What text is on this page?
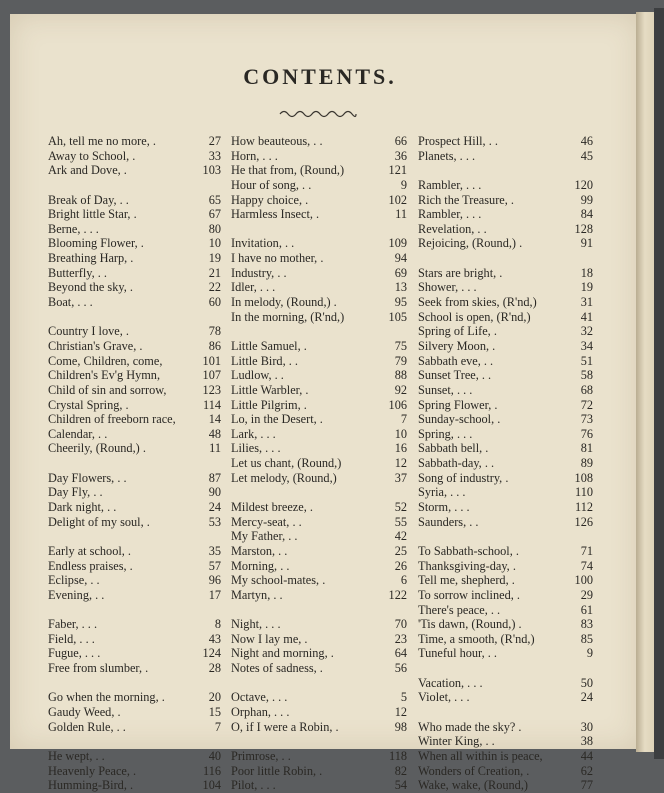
CONTENTS.
Ah, tell me no more, .	27
Away to School, .	33
Ark and Dove, .	103
Break of Day, . .	65
Bright little Star, .	67
Berne, . . .	80
Blooming Flower, .	10
Breathing Harp, .	19
Butterfly, . .	21
Beyond the sky, .	22
Boat, . . .	60
Country I love, .	78
Christian's Grave, .	86
Come, Children, come,	101
Children's Ev'g Hymn,	107
Child of sin and sorrow,	123
Crystal Spring, .	114
Children of freeborn race,	14
Calendar, . .	48
Cheerily, (Round,) .	11
Day Flowers, . .	87
Day Fly, . .	90
Dark night, . .	24
Delight of my soul, .	53
Early at school, .	35
Endless praises, .	57
Eclipse, . .	96
Evening, . .	17
Faber, . . .	8
Field, . . .	43
Fugue, . . .	124
Free from slumber, .	28
Go when the morning, .	20
Gaudy Weed, .	15
Golden Rule, . .	7
He wept, . .	40
Heavenly Peace, .	116
Humming-Bird, .	104
How beauteous, . .	66
Horn, . . .	36
He that from, (Round,)	121
Hour of song, . .	9
Happy choice, .	102
Harmless Insect, .	11
Invitation, . .	109
I have no mother, .	94
Industry, . .	69
Idler, . . .	13
In melody, (Round,) .	95
In the morning, (R'nd,)	105
Little Samuel, .	75
Little Bird, . .	79
Ludlow, . .	88
Little Warbler, .	92
Little Pilgrim, .	106
Lo, in the Desert, .	7
Lark, . . .	10
Lilies, . . .	16
Let us chant, (Round,)	12
Let melody, (Round,)	37
Mildest breeze, .	52
Mercy-seat, . .	55
My Father, . .	42
Marston, . .	25
Morning, . .	26
My school-mates, .	6
Martyn, . .	122
Night, . . .	70
Now I lay me, .	23
Night and morning, .	64
Notes of sadness, .	56
Octave, . . .	5
Orphan, . . .	12
O, if I were a Robin, .	98
Primrose, . .	118
Poor little Robin, .	82
Pilot, . . .	54
Prospect Hill, . .	46
Planets, . . .	45
Rambler, . . .	120
Rich the Treasure, .	99
Rambler, . . .	84
Revelation, . .	128
Rejoicing, (Round,) .	91
Stars are bright, .	18
Shower, . . .	19
Seek from skies, (R'nd,)	31
School is open, (R'nd,)	41
Spring of Life, .	32
Silvery Moon, .	34
Sabbath eve, . .	51
Sunset Tree, . .	58
Sunset, . . .	68
Spring Flower, .	72
Sunday-school, .	73
Spring, . . .	76
Sabbath bell, .	81
Sabbath-day, . .	89
Song of industry, .	108
Syria, . . .	110
Storm, . . .	112
Saunders, . .	126
To Sabbath-school, .	71
Thanksgiving-day, .	74
Tell me, shepherd, .	100
To sorrow inclined, .	29
There's peace, . .	61
'Tis dawn, (Round,) .	83
Time, a smooth, (R'nd,)	85
Tuneful hour, . .	9
Vacation, . . .	50
Violet, . . .	24
Who made the sky? .	30
Winter King, . .	38
When all within is peace,	44
Wonders of Creation, .	62
Wake, wake, (Round,)	77
